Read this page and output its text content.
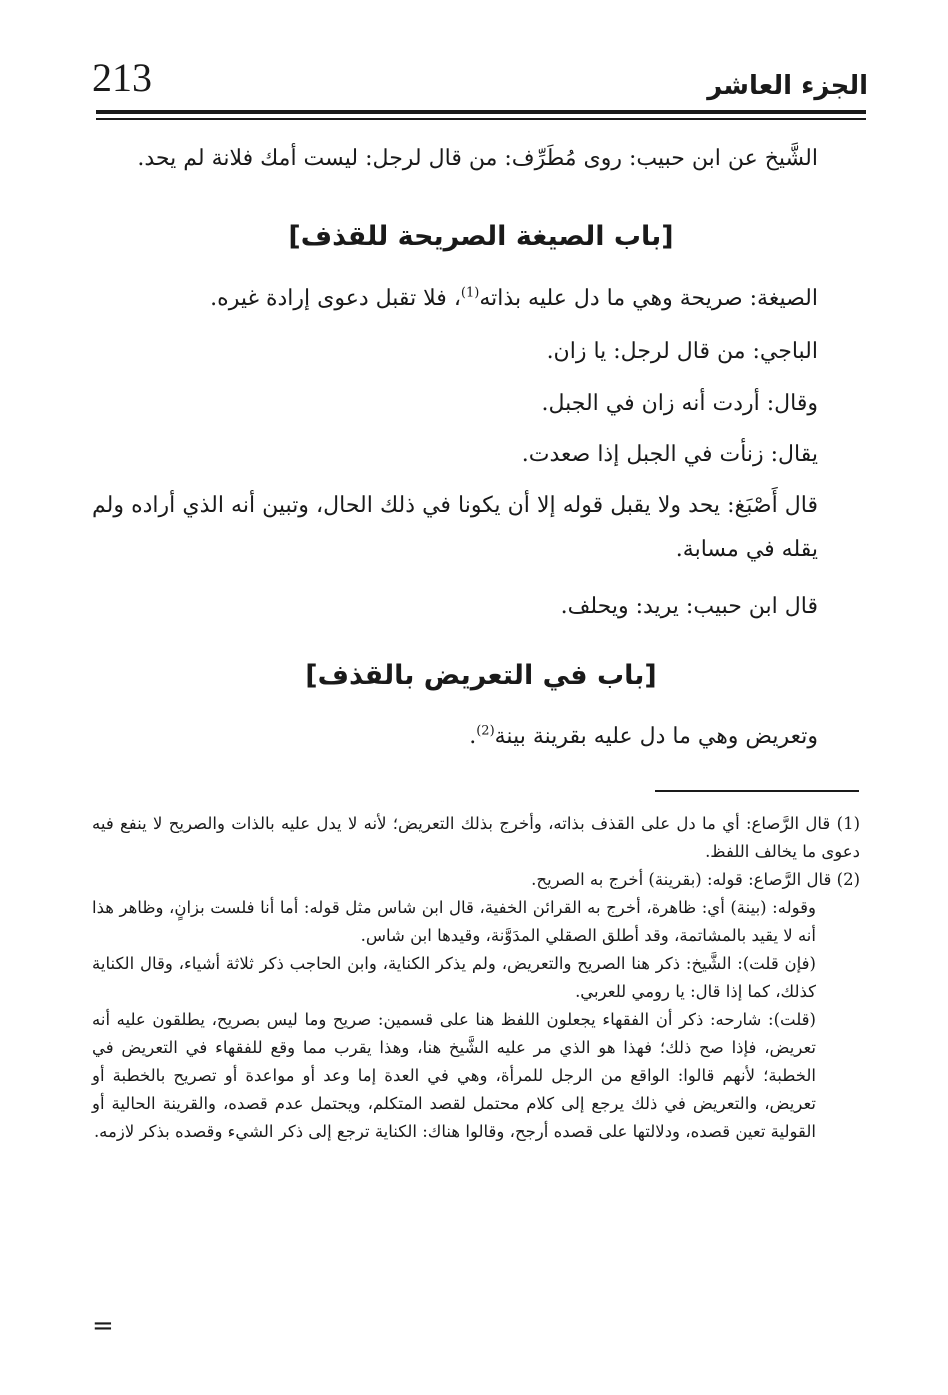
213	الجزء العاشر
الشَّيخ عن ابن حبيب: روى مُطَرِّف: من قال لرجل: ليست أمك فلانة لم يحد.
[باب الصيغة الصريحة للقذف]
الصيغة: صريحة وهي ما دل عليه بذاته$^{(1)}$، فلا تقبل دعوى إرادة غيره.
الباجي: من قال لرجل: يا زان.
وقال: أردت أنه زان في الجبل.
يقال: زنأت في الجبل إذا صعدت.
قال أَصْبَغ: يحد ولا يقبل قوله إلا أن يكونا في ذلك الحال، وتبين أنه الذي أراده ولم يقله في مسابة.
قال ابن حبيب: يريد: ويحلف.
[باب في التعريض بالقذف]
وتعريض وهي ما دل عليه بقرينة بينة$^{(2)}$.

(1) قال الرَّصاع: أي ما دل على القذف بذاته، وأخرج بذلك التعريض؛ لأنه لا يدل عليه بالذات والصريح لا ينفع فيه دعوى ما يخالف اللفظ.

(2) قال الرَّصاع: قوله: (بقرينة) أخرج به الصريح.

وقوله: (بينة) أي: ظاهرة، أخرج به القرائن الخفية، قال ابن شاس مثل قوله: أما أنا فلست بزانٍ، وظاهر هذا أنه لا يقيد بالمشاتمة، وقد أطلق الصقلي المدَوَّنة، وقيدها ابن شاس.

(فإن قلت): الشَّيخ: ذكر هنا الصريح والتعريض، ولم يذكر الكناية، وابن الحاجب ذكر ثلاثة أشياء، وقال الكناية كذلك، كما إذا قال: يا رومي للعربي.

(قلت): شارحه: ذكر أن الفقهاء يجعلون اللفظ هنا على قسمين: صريح وما ليس بصريح، يطلقون عليه أنه تعريض، فإذا صح ذلك؛ فهذا هو الذي مر عليه الشَّيخ هنا، وهذا يقرب مما وقع للفقهاء في التعريض في الخطبة؛ لأنهم قالوا: الواقع من الرجل للمرأة، وهي في العدة إما وعد أو مواعدة أو تصريح بالخطبة أو تعريض، والتعريض في ذلك يرجع إلى كلام محتمل لقصد المتكلم، ويحتمل عدم قصده، والقرينة الحالية أو القولية تعين قصده، ودلالتها على قصده أرجح، وقالوا هناك: الكناية ترجع إلى ذكر الشيء وقصده بذكر لازمه.

=
